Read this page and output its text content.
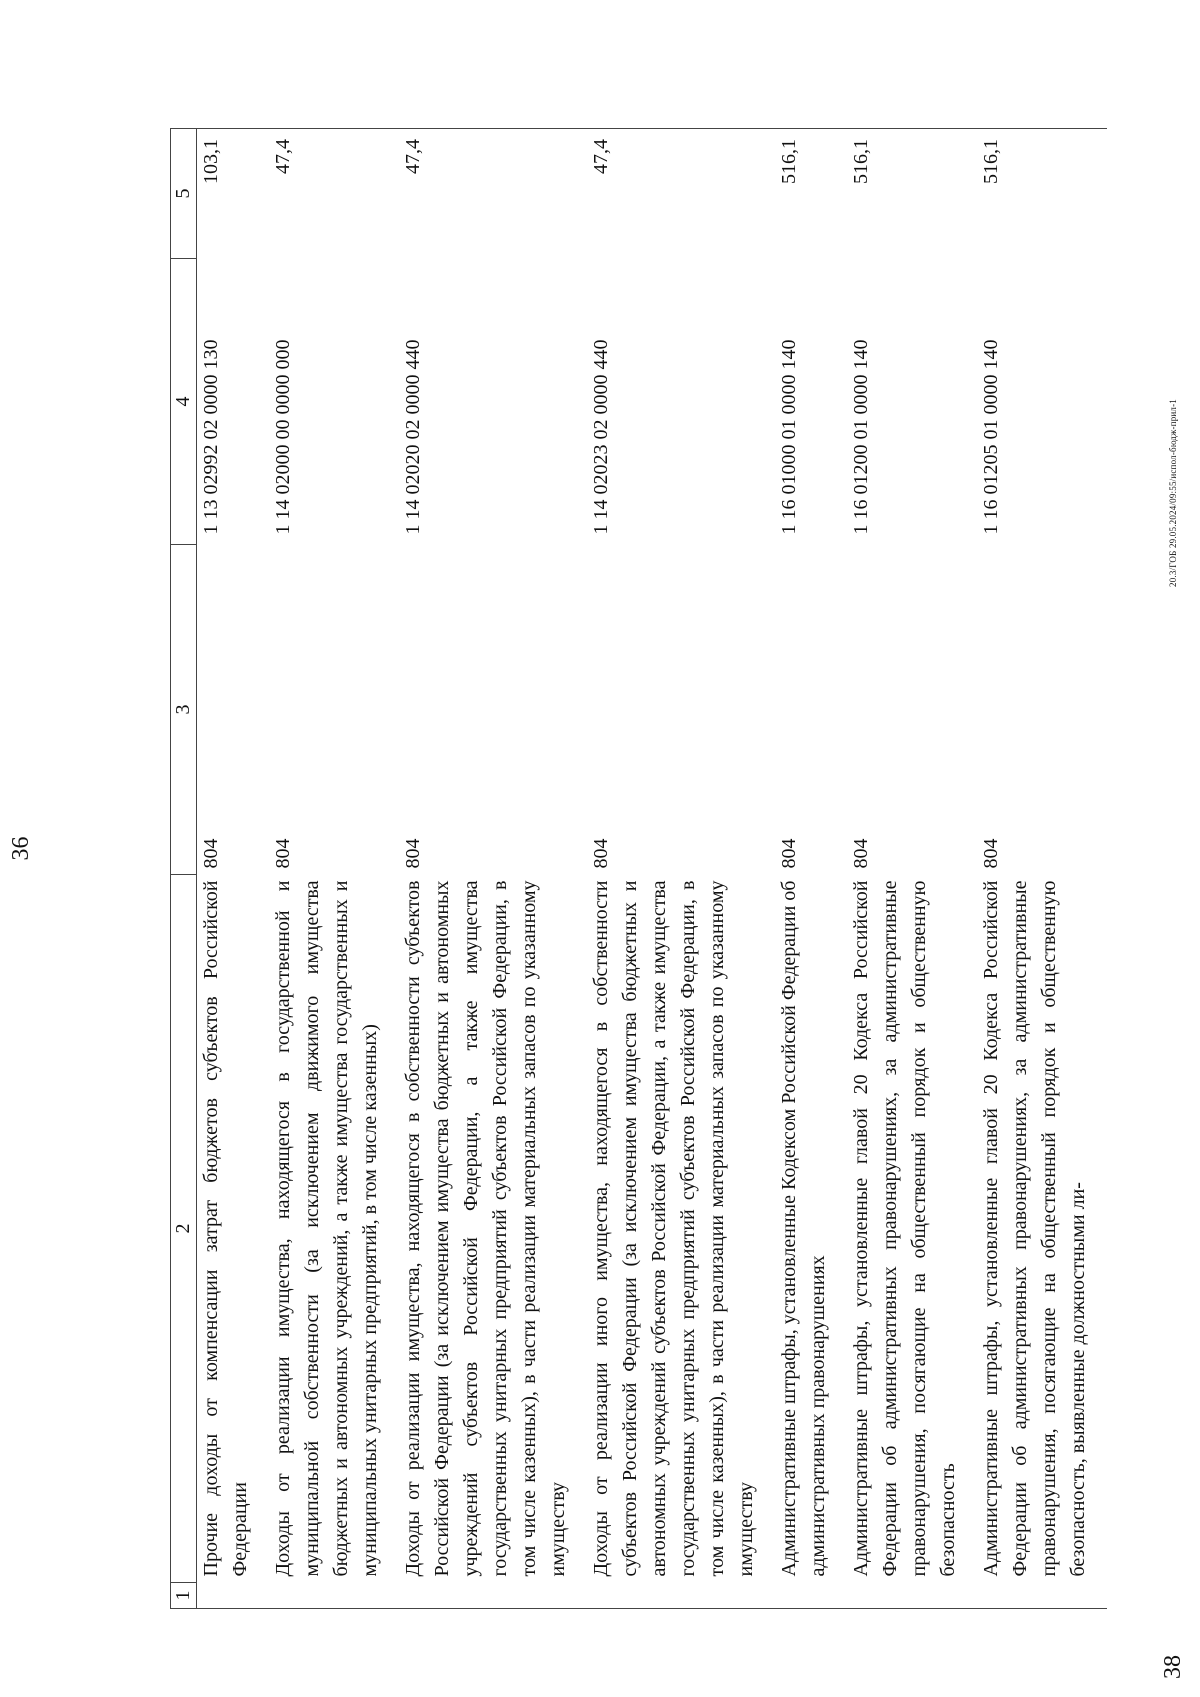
36
1	2	3	4	5
	Прочие доходы от компенсации затрат бюджетов субъектов Российской Федерации	804	1 13 02992 02 0000 130	103,1
	Доходы от реализации имущества, находящегося в государственной и муниципальной собственности (за исключением движимого имущества бюджетных и автономных учреждений, а также имущества государственных и муниципальных унитарных предприятий, в том числе казенных)	804	1 14 02000 00 0000 000	47,4
	Доходы от реализации имущества, находящегося в собственности субъектов Российской Федерации (за исключением имущества бюджетных и автономных учреждений субъектов Российской Федерации, а также имущества государственных унитарных предприятий субъектов Российской Федерации, в том числе казенных), в части реализации материальных запасов по указанному имуществу	804	1 14 02020 02 0000 440	47,4
	Доходы от реализации иного имущества, находящегося в собственности субъектов Российской Федерации (за исключением имущества бюджетных и автономных учреждений субъектов Российской Федерации, а также имущества государственных унитарных предприятий субъектов Российской Федерации, в том числе казенных), в части реализации материальных запасов по указанному имуществу	804	1 14 02023 02 0000 440	47,4
	Административные штрафы, установленные Кодексом Российской Федерации об административных правонарушениях	804	1 16 01000 01 0000 140	516,1
	Административные штрафы, установленные главой 20 Кодекса Российской Федерации об административных правонарушениях, за административные правонарушения, посягающие на общественный порядок и общественную безопасность	804	1 16 01200 01 0000 140	516,1
	Административные штрафы, установленные главой 20 Кодекса Российской Федерации об административных правонарушениях, за административные правонарушения, посягающие на общественный порядок и общественную безопасность, выявленные должностными ли-	804	1 16 01205 01 0000 140	516,1
20.3/ГОБ 29.05.2024/09:55/испол-бюдж-прил-1
38
